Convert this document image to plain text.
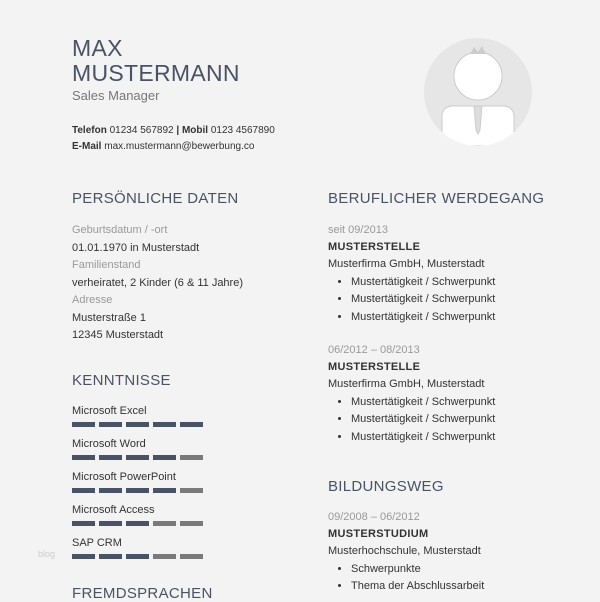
MAX
MUSTERMANN
Sales Manager
Telefon 01234 567892 | Mobil 0123 4567890
E-Mail max.mustermann@bewerbung.co
PERSÖNLICHE DATEN
Geburtsdatum / -ort
01.01.1970 in Musterstadt
Familienstand
verheiratet, 2 Kinder (6 & 11 Jahre)
Adresse
Musterstraße 1
12345 Musterstadt
KENNTNISSE
Microsoft Excel
Microsoft Word
Microsoft PowerPoint
Microsoft Access
SAP CRM
FREMDSPRACHEN
BERUFLICHER WERDEGANG
seit 09/2013
MUSTERSTELLE
Musterfirma GmbH, Musterstadt
• Mustertätigkeit / Schwerpunkt
• Mustertätigkeit / Schwerpunkt
• Mustertätigkeit / Schwerpunkt
06/2012 – 08/2013
MUSTERSTELLE
Musterfirma GmbH, Musterstadt
• Mustertätigkeit / Schwerpunkt
• Mustertätigkeit / Schwerpunkt
• Mustertätigkeit / Schwerpunkt
BILDUNGSWEG
09/2008 – 06/2012
MUSTERSTUDIUM
Musterhochschule, Musterstadt
• Schwerpunkte
• Thema der Abschlussarbeit
blog
